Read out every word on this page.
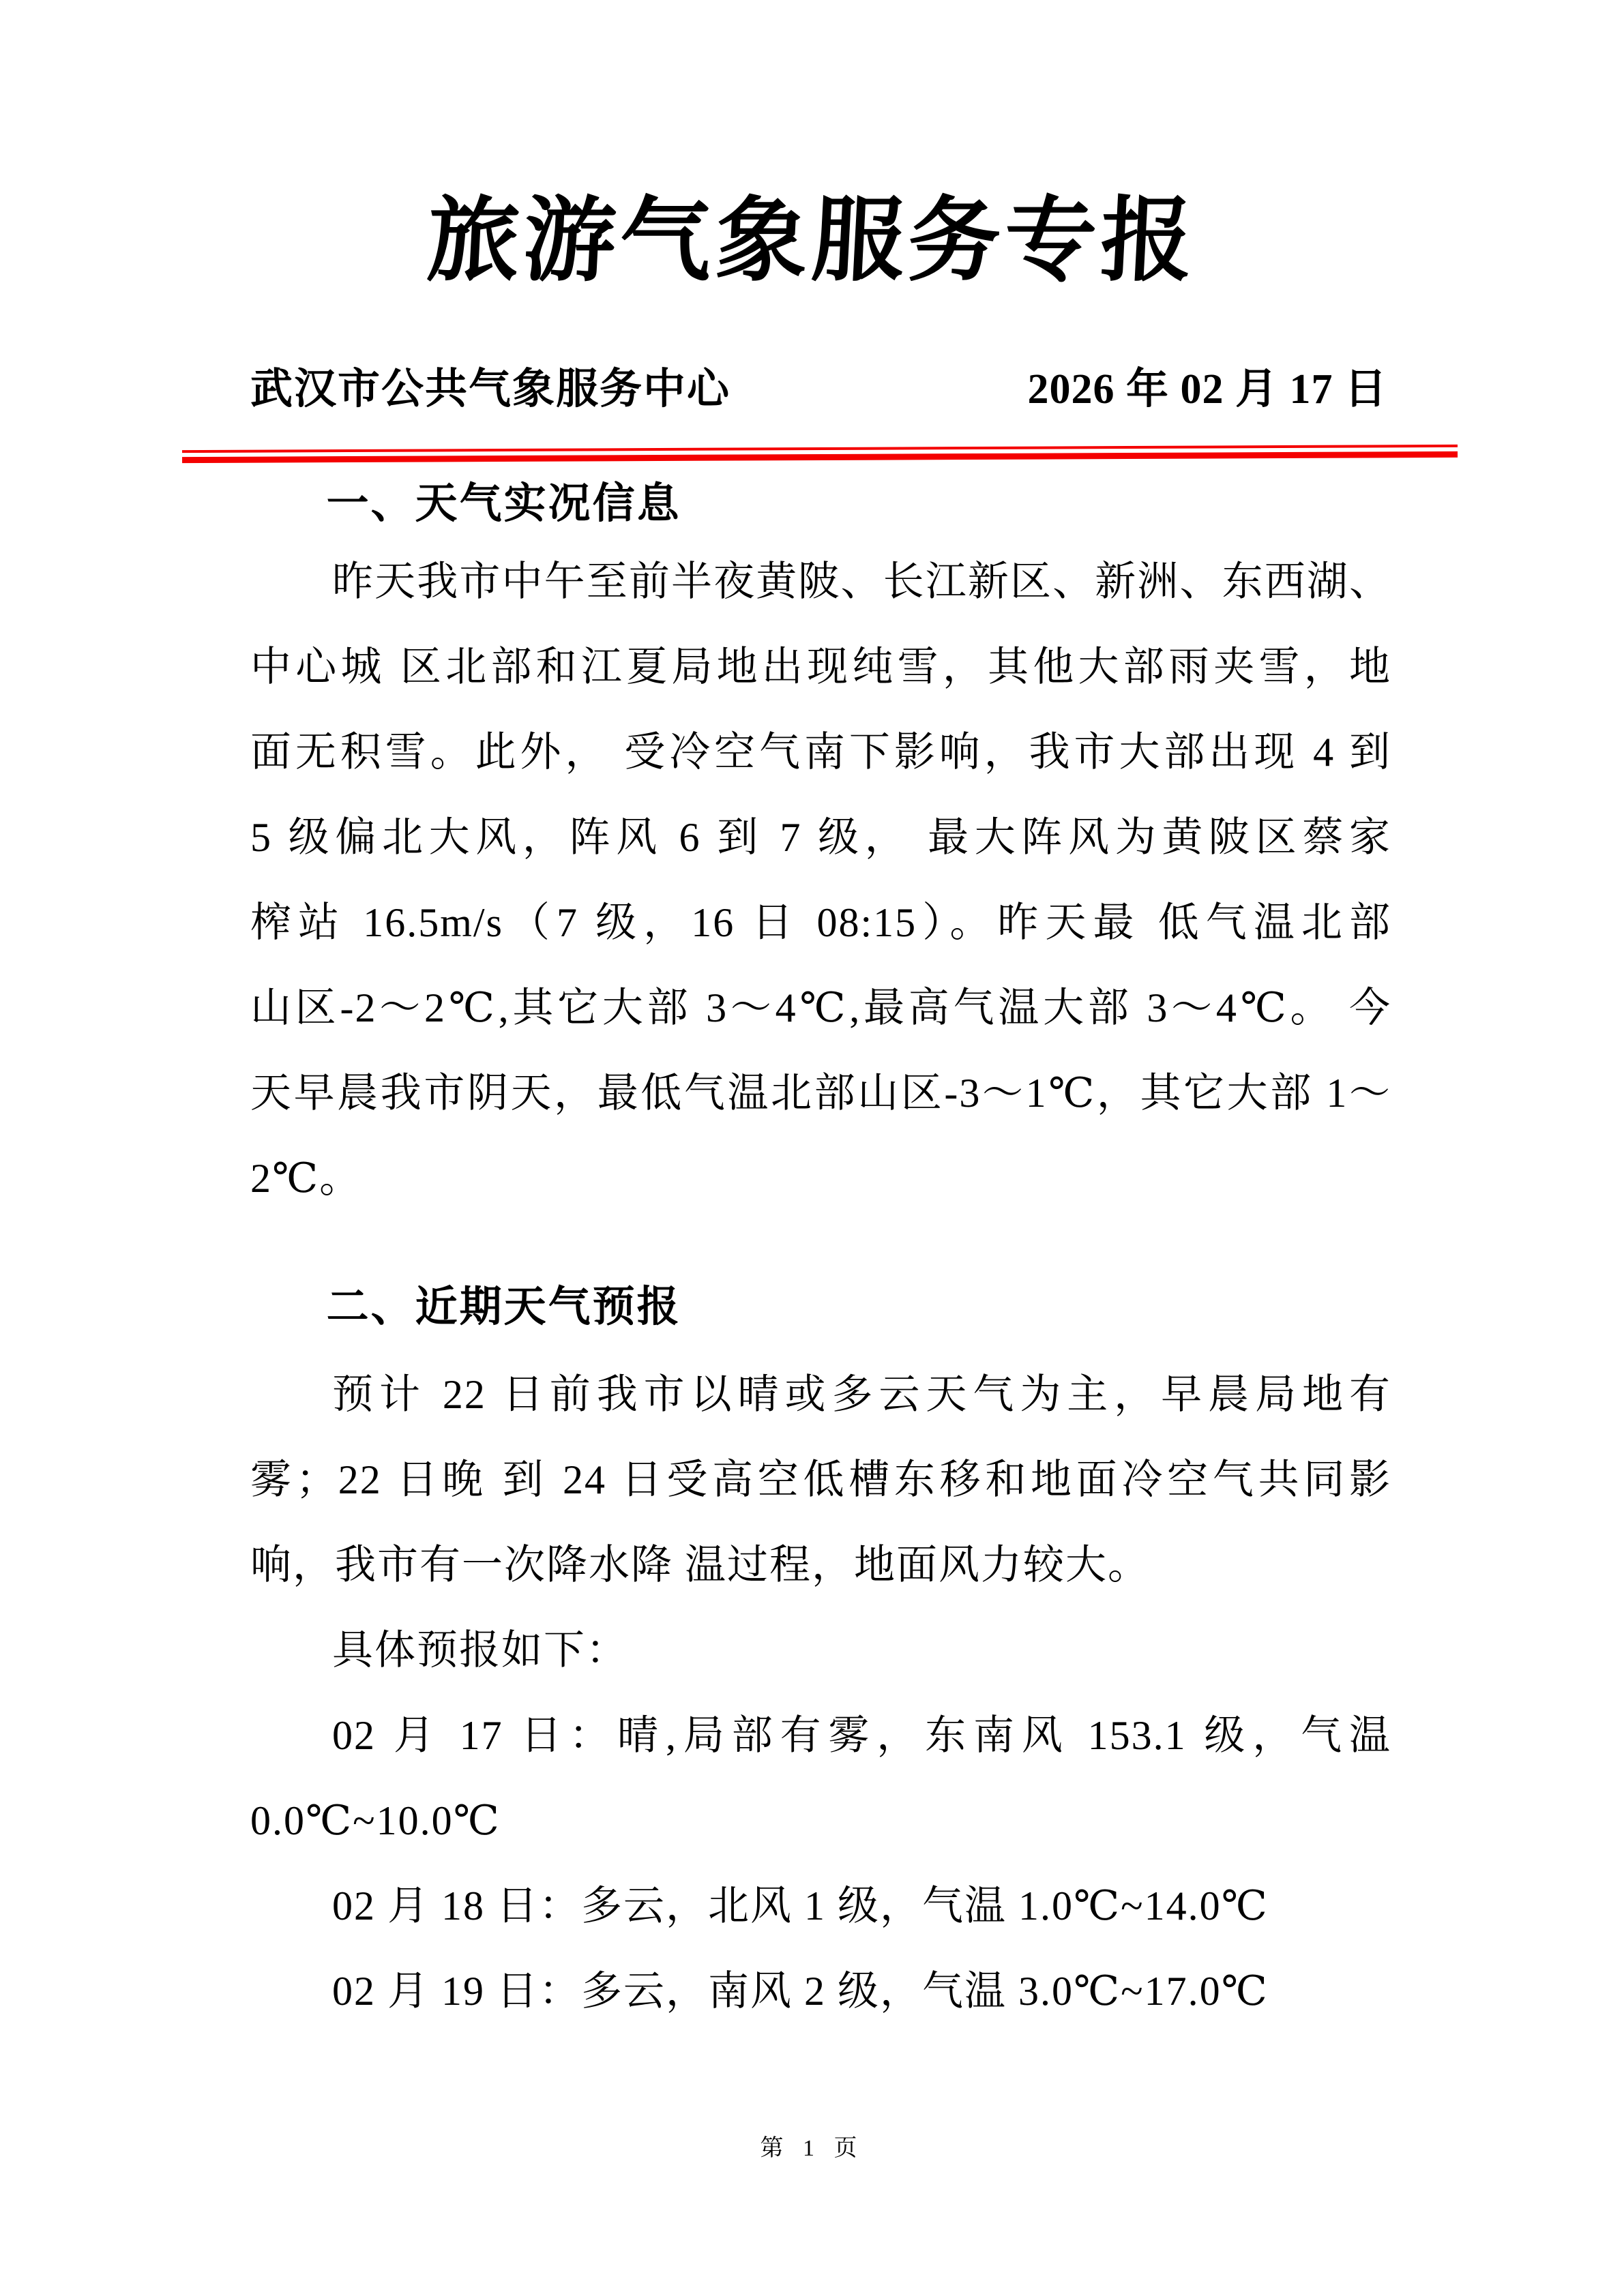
旅游气象服务专报
武汉市公共气象服务中心	2026 年 02 月 17 日
一、天气实况信息
昨天我市中午至前半夜黄陂、长江新区、新洲、东西湖、
中心城 区北部和江夏局地出现纯雪，其他大部雨夹雪，地
面无积雪。此外， 受冷空气南下影响，我市大部出现 4 到
5 级偏北大风，阵风 6 到 7 级， 最大阵风为黄陂区蔡家
榨站 16.5m/s（7 级，16 日 08:15）。昨天最 低气温北部
山区-2～2℃,其它大部 3～4℃,最高气温大部 3～4℃。 今
天早晨我市阴天，最低气温北部山区-3～1℃，其它大部 1～
2℃。
二、近期天气预报
预计 22 日前我市以晴或多云天气为主，早晨局地有
雾；22 日晚 到 24 日受高空低槽东移和地面冷空气共同影
响，我市有一次降水降 温过程，地面风力较大。
具体预报如下：
02 月 17 日：晴,局部有雾，东南风 153.1 级，气温
0.0℃~10.0℃
02 月 18 日：多云，北风 1 级，气温 1.0℃~14.0℃
02 月 19 日：多云，南风 2 级，气温 3.0℃~17.0℃
第 1 页
